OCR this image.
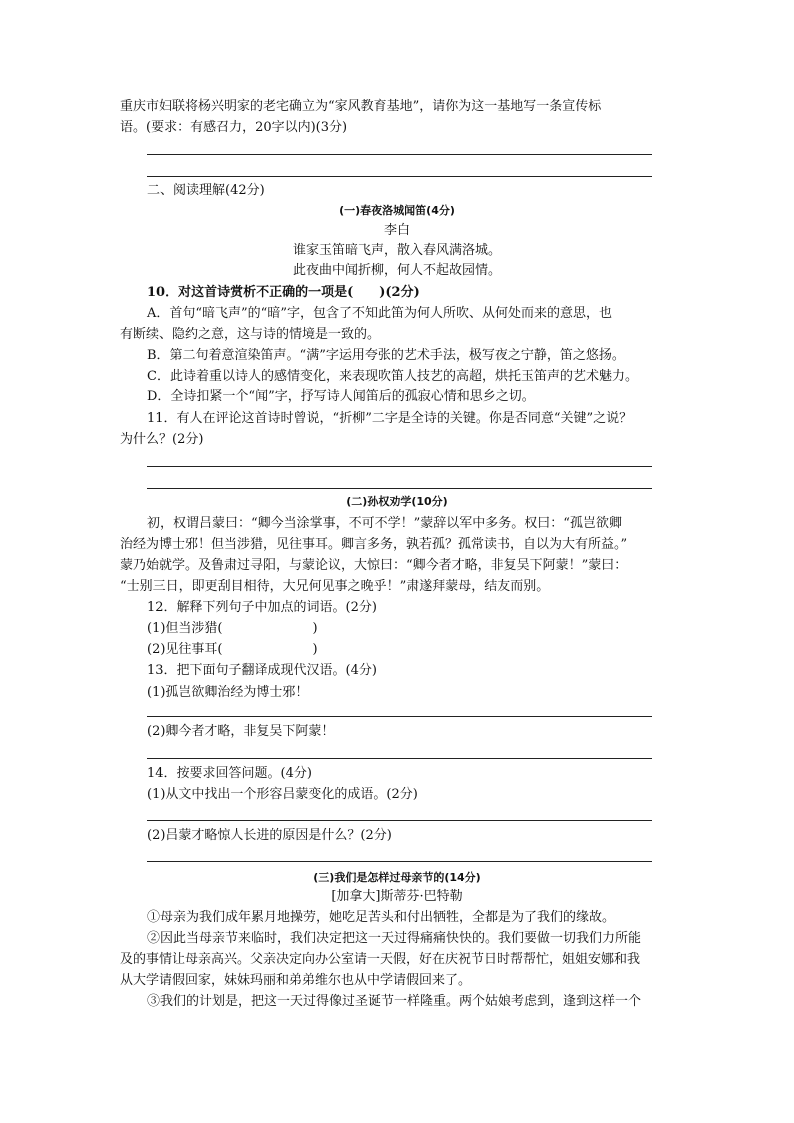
重庆市妇联将杨兴明家的老宅确立为“家风教育基地”，请你为这一基地写一条宣传标
语。(要求：有感召力，20字以内)(3分)
二、阅读理解(42分)
(一)春夜洛城闻笛(4分)
李白
谁家玉笛暗飞声，散入春风满洛城。
此夜曲中闻折柳，何人不起故园情。
10．对这首诗赏析不正确的一项是(　　)(2分)
A．首句“暗飞声”的“暗”字，包含了不知此笛为何人所吹、从何处而来的意思，也
有断续、隐约之意，这与诗的情境是一致的。
B．第二句着意渲染笛声。“满”字运用夸张的艺术手法，极写夜之宁静，笛之悠扬。
C．此诗着重以诗人的感情变化，来表现吹笛人技艺的高超，烘托玉笛声的艺术魅力。
D．全诗扣紧一个“闻”字，抒写诗人闻笛后的孤寂心情和思乡之切。
11．有人在评论这首诗时曾说，“折柳”二字是全诗的关键。你是否同意“关键”之说？
为什么？(2分)
(二)孙权劝学(10分)
初，权谓吕蒙曰：“卿今当涂掌事，不可不学！”蒙辞以军中多务。权曰：“孤岂欲卿
治经为博士邪！但当涉猎，见往事耳。卿言多务，孰若孤？孤常读书，自以为大有所益。”
蒙乃始就学。及鲁肃过寻阳，与蒙论议，大惊曰：“卿今者才略，非复吴下阿蒙！”蒙曰：
“士别三日，即更刮目相待，大兄何见事之晚乎！”肃遂拜蒙母，结友而别。
12．解释下列句子中加点的词语。(2分)
(1)但当涉猎(	)
(2)见往事耳(	)
13．把下面句子翻译成现代汉语。(4分)
(1)孤岂欲卿治经为博士邪！
(2)卿今者才略，非复吴下阿蒙！
14．按要求回答问题。(4分)
(1)从文中找出一个形容吕蒙变化的成语。(2分)
(2)吕蒙才略惊人长进的原因是什么？(2分)
(三)我们是怎样过母亲节的(14分)
[加拿大]斯蒂芬·巴特勒
①母亲为我们成年累月地操劳，她吃足苦头和付出牺牲，全都是为了我们的缘故。
②因此当母亲节来临时，我们决定把这一天过得痛痛快快的。我们要做一切我们力所能
及的事情让母亲高兴。父亲决定向办公室请一天假，好在庆祝节日时帮帮忙，姐姐安娜和我
从大学请假回家，妹妹玛丽和弟弟维尔也从中学请假回来了。
③我们的计划是，把这一天过得像过圣诞节一样隆重。两个姑娘考虑到，逢到这样一个
